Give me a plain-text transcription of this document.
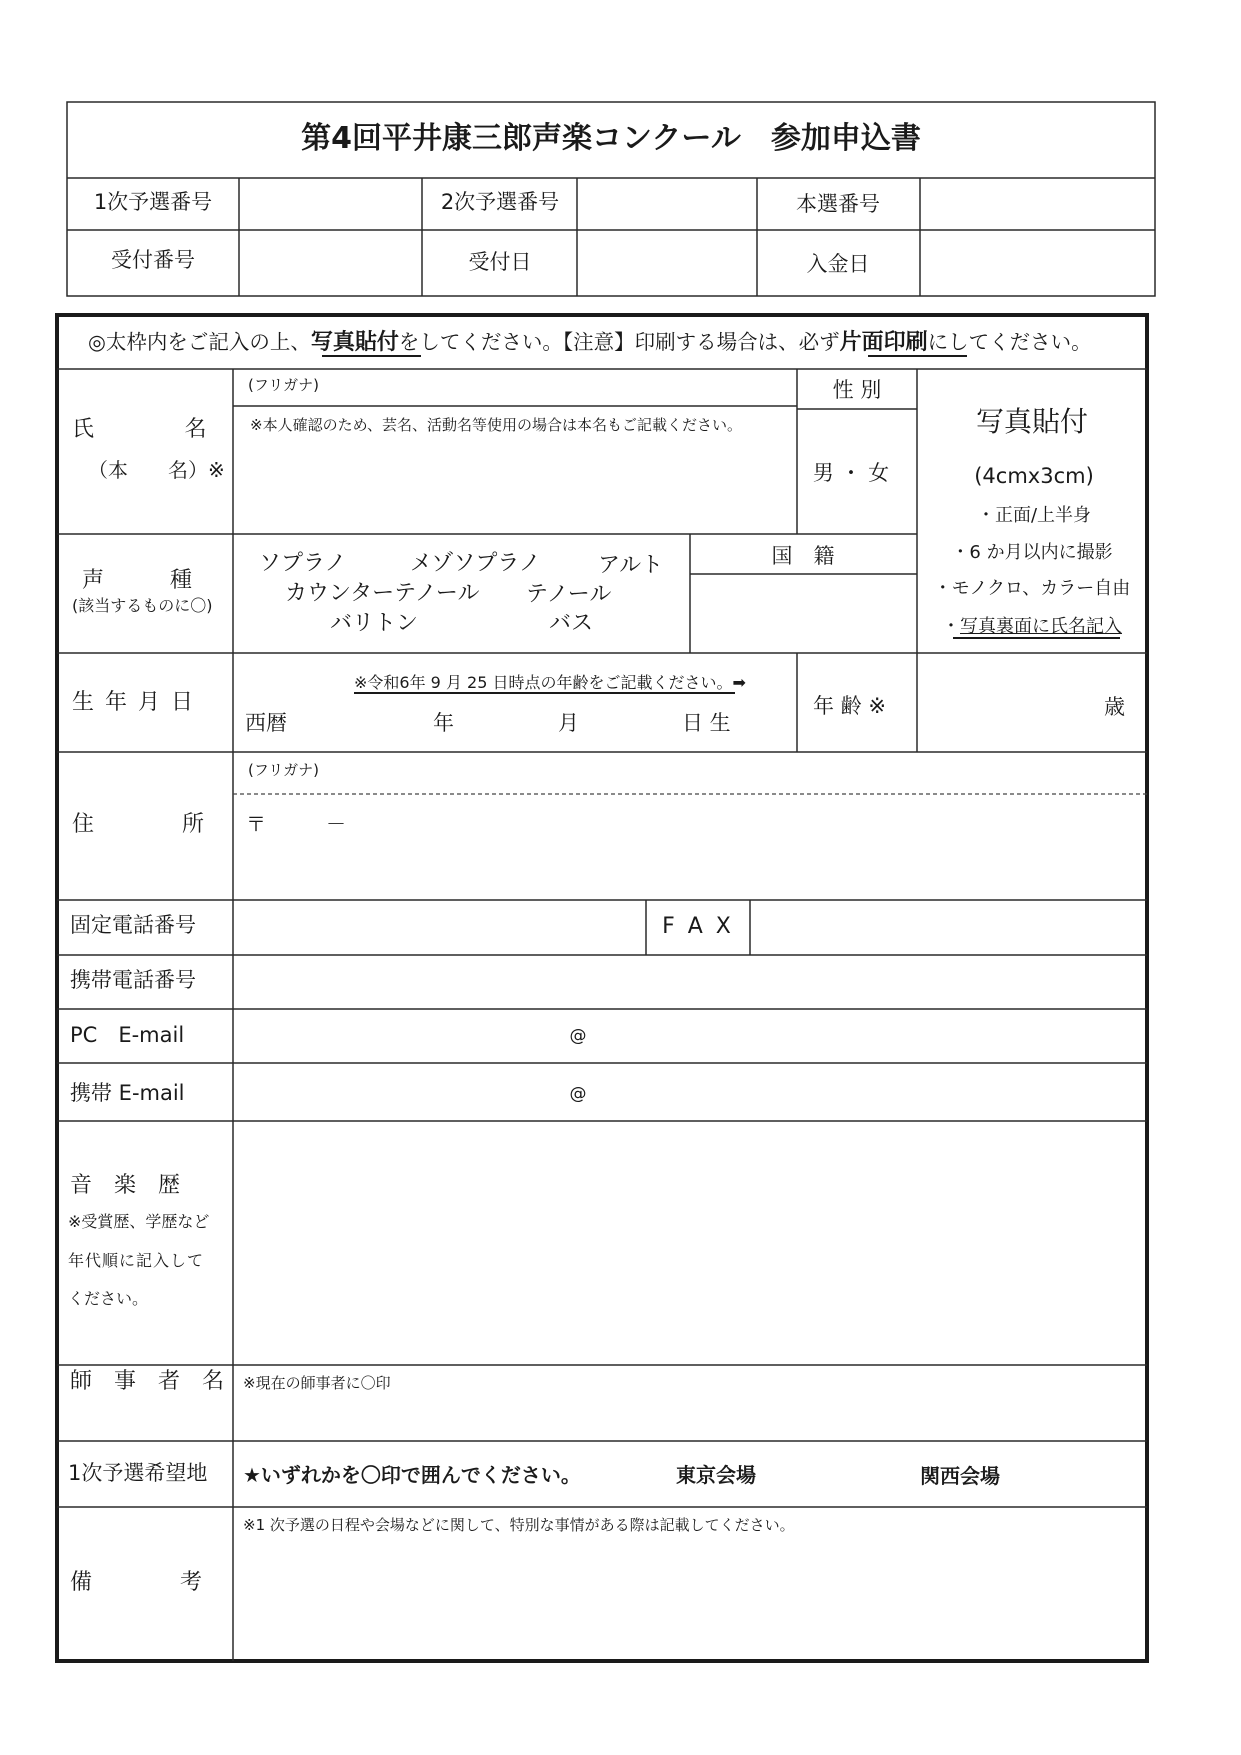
第4回平井康三郎声楽コンクール　参加申込書
1次予選番号	2次予選番号	本選番号
受付番号	受付日	入金日
◎太枠内をご記入の上、写真貼付をしてください。【注意】印刷する場合は、必ず片面印刷にしてください。
氏　　　　名
（本　　名）※
(フリガナ)
※本人確認のため、芸名、活動名等使用の場合は本名もご記載ください。
性 別
男 ・ 女
写真貼付
(4cmx3cm)
・正面/上半身
・6 か月以内に撮影
・モノクロ、カラー自由
・写真裏面に氏名記入
声　　　種
(該当するものに〇)
ソプラノ	メゾソプラノ	アルト
カウンターテノール テノール
バリトン	バス
国　籍
生 年 月 日
※令和6年 9 月 25 日時点の年齢をご記載ください。➡
西暦	年	月	日 生
年 齢 ※	歳
住　　　　所
(フリガナ)
〒　　　－
固定電話番号	F A X
携帯電話番号
PC　E-mail	@
携帯 E-mail	@
音　楽　歴
※受賞歴、学歴など
年代順に記入して
ください。
師　事　者　名 ※現在の師事者に〇印
1次予選希望地 ★いずれかを〇印で囲んでください。	東京会場	関西会場
備　　　　考
※1 次予選の日程や会場などに関して、特別な事情がある際は記載してください。
